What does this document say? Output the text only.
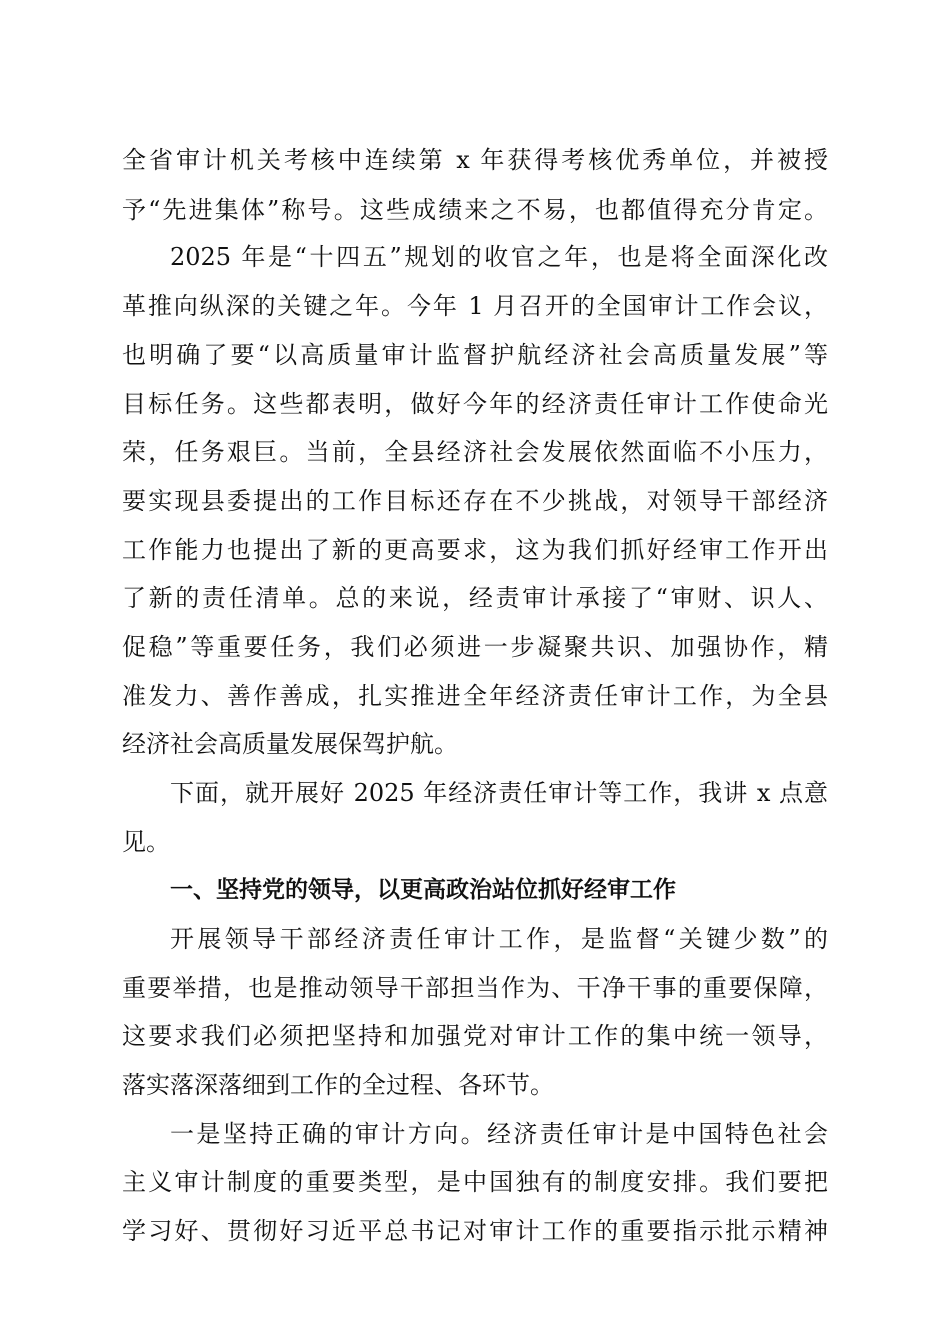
全省审计机关考核中连续第 x 年获得考核优秀单位，并被授
予“先进集体”称号。这些成绩来之不易，也都值得充分肯定。
2025 年是“十四五”规划的收官之年，也是将全面深化改
革推向纵深的关键之年。今年 1 月召开的全国审计工作会议，
也明确了要“以高质量审计监督护航经济社会高质量发展”等
目标任务。这些都表明，做好今年的经济责任审计工作使命光
荣，任务艰巨。当前，全县经济社会发展依然面临不小压力，
要实现县委提出的工作目标还存在不少挑战，对领导干部经济
工作能力也提出了新的更高要求，这为我们抓好经审工作开出
了新的责任清单。总的来说，经责审计承接了“审财、识人、
促稳”等重要任务，我们必须进一步凝聚共识、加强协作，精
准发力、善作善成，扎实推进全年经济责任审计工作，为全县
经济社会高质量发展保驾护航。
下面，就开展好 2025 年经济责任审计等工作，我讲 x 点意
见。
一、坚持党的领导，以更高政治站位抓好经审工作
开展领导干部经济责任审计工作，是监督“关键少数”的
重要举措，也是推动领导干部担当作为、干净干事的重要保障，
这要求我们必须把坚持和加强党对审计工作的集中统一领导，
落实落深落细到工作的全过程、各环节。
一是坚持正确的审计方向。经济责任审计是中国特色社会
主义审计制度的重要类型，是中国独有的制度安排。我们要把
学习好、贯彻好习近平总书记对审计工作的重要指示批示精神
